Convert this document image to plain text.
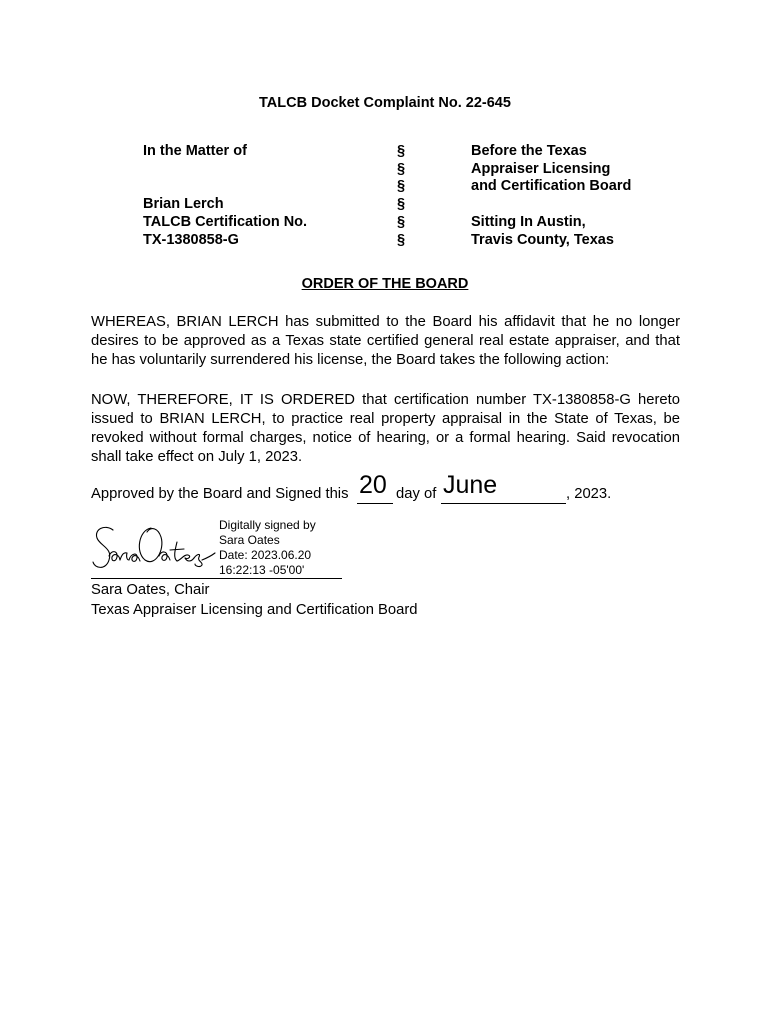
TALCB Docket Complaint No. 22-645
In the Matter of
Brian Lerch
TALCB Certification No.
TX-1380858-G
§
§
§
§
§
§
Before the Texas
Appraiser Licensing
and Certification Board
Sitting In Austin,
Travis County, Texas
ORDER OF THE BOARD

WHEREAS, BRIAN LERCH has submitted to the Board his affidavit that he no longer desires to be approved as a Texas state certified general real estate appraiser, and that he has voluntarily surrendered his license, the Board takes the following action:

NOW, THEREFORE, IT IS ORDERED that certification number TX-1380858-G hereto issued to BRIAN LERCH, to practice real property appraisal in the State of Texas, be revoked without formal charges, notice of hearing, or a formal hearing. Said revocation shall take effect on July 1, 2023.

Approved by the Board and Signed this 20 day of June	, 2023.
Digitally signed by
Sara Oates
Date: 2023.06.20
16:22:13 -05'00'
Sara Oates, Chair
Texas Appraiser Licensing and Certification Board
